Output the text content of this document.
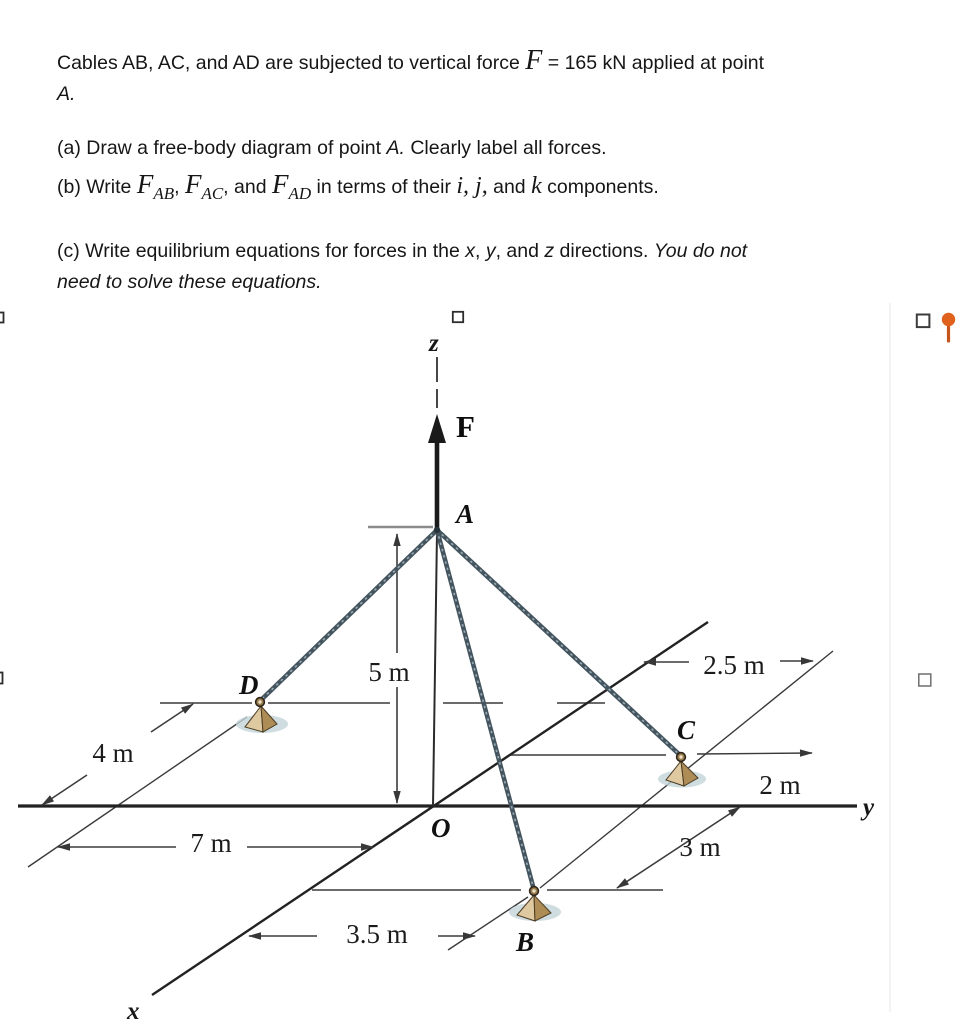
Cables AB, AC, and AD are subjected to vertical force F = 165 kN applied at point
A.

(a) Draw a free-body diagram of point A. Clearly label all forces.

(b) Write $F_{AB}$, $F_{AC}$, and $F_{AD}$ in terms of their i, j, and k components.

(c) Write equilibrium equations for forces in the x, y, and z directions. You do not
need to solve these equations.

5 m
4 m
7 m
3.5 m
2.5 m
2 m
3 m
A
B
C
D
O
F
x
y
z
